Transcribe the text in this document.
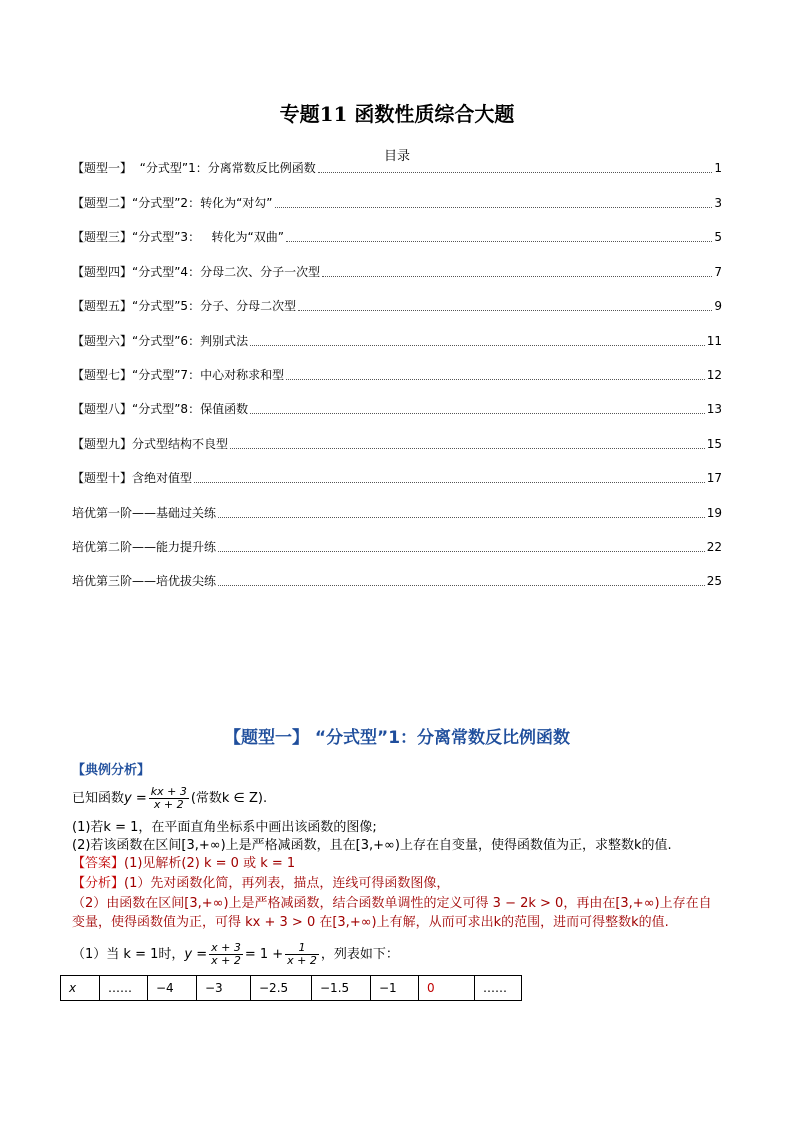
专题11 函数性质综合大题
目录
【题型一】  “分式型”1：分离常数反比例函数	1
【题型二】“分式型”2：转化为“对勾”	3
【题型三】“分式型”3：   转化为“双曲”	5
【题型四】“分式型”4：分母二次、分子一次型	7
【题型五】“分式型”5：分子、分母二次型	9
【题型六】“分式型”6：判别式法	11
【题型七】“分式型”7：中心对称求和型	12
【题型八】“分式型”8：保值函数	13
【题型九】分式型结构不良型	15
【题型十】含绝对值型	17
培优第一阶——基础过关练	19
培优第二阶——能力提升练	22
培优第三阶——培优拔尖练	25
【题型一】 “分式型”1：分离常数反比例函数
【典例分析】
已知函数$y = \frac{kx + 3}{x + 2}$ (常数k ∈ Z).
(1)若k = 1，在平面直角坐标系中画出该函数的图像;
(2)若该函数在区间[3,+∞)上是严格减函数，且在[3,+∞)上存在自变量，使得函数值为正，求整数k的值.
【答案】(1)见解析(2) k = 0 或 k = 1
【分析】(1）先对函数化简，再列表，描点，连线可得函数图像，
（2）由函数在区间[3,+∞)上是严格减函数，结合函数单调性的定义可得 3 − 2k > 0，再由在[3,+∞)上存在自
变量，使得函数值为正，可得 kx + 3 > 0 在[3,+∞)上有解，从而可求出k的范围，进而可得整数k的值.
（1）当 k = 1时，$y = \frac{x + 3}{x + 2} = 1 + \frac{1}{x + 2}$ ，列表如下：
x	……	−4	−3	−2.5	−1.5	−1	0	……
